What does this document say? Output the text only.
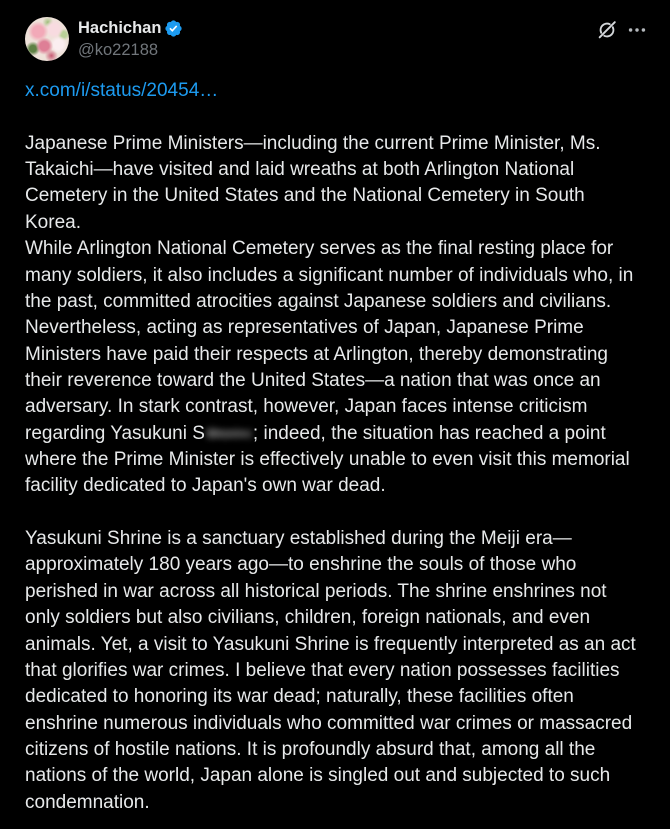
Hachichan
@ko22188
x.com/i/status/20454…
Japanese Prime Ministers—including the current Prime Minister, Ms.
Takaichi—have visited and laid wreaths at both Arlington National
Cemetery in the United States and the National Cemetery in South
Korea.
While Arlington National Cemetery serves as the final resting place for
many soldiers, it also includes a significant number of individuals who, in
the past, committed atrocities against Japanese soldiers and civilians.
Nevertheless, acting as representatives of Japan, Japanese Prime
Ministers have paid their respects at Arlington, thereby demonstrating
their reverence toward the United States—a nation that was once an
adversary. In stark contrast, however, Japan faces intense criticism
regarding Yasukuni S	; indeed, the situation has reached a point
where the Prime Minister is effectively unable to even visit this memorial
facility dedicated to Japan's own war dead.
Yasukuni Shrine is a sanctuary established during the Meiji era—
approximately 180 years ago—to enshrine the souls of those who
perished in war across all historical periods. The shrine enshrines not
only soldiers but also civilians, children, foreign nationals, and even
animals. Yet, a visit to Yasukuni Shrine is frequently interpreted as an act
that glorifies war crimes. I believe that every nation possesses facilities
dedicated to honoring its war dead; naturally, these facilities often
enshrine numerous individuals who committed war crimes or massacred
citizens of hostile nations. It is profoundly absurd that, among all the
nations of the world, Japan alone is singled out and subjected to such
condemnation.
